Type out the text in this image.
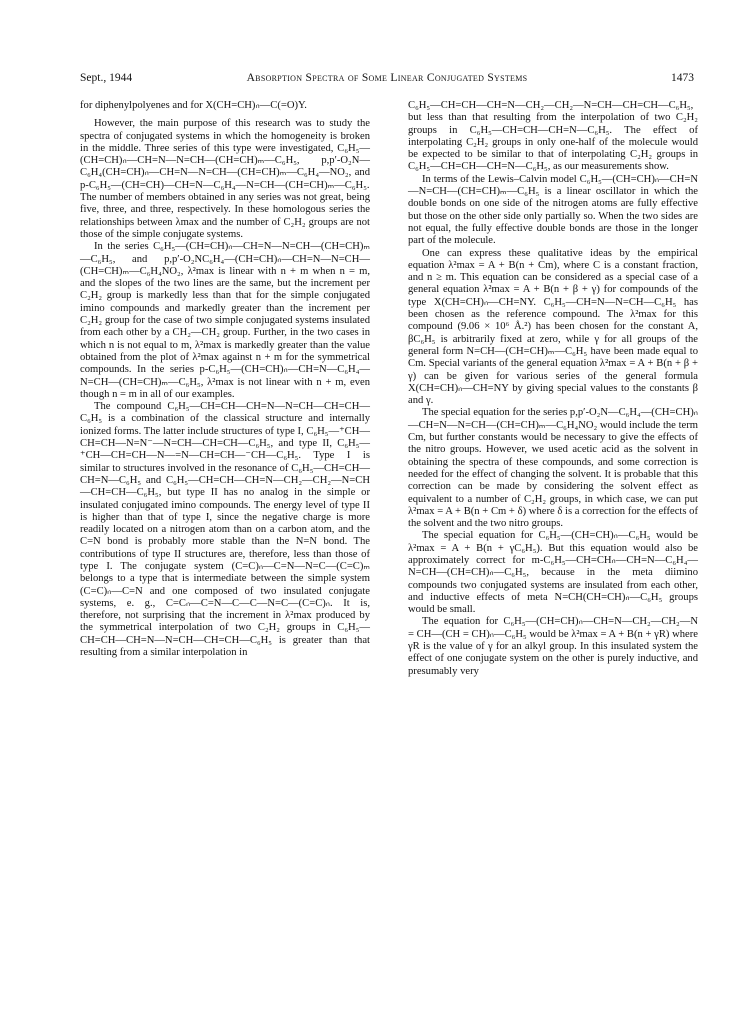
Sept., 1944	Absorption Spectra of Some Linear Conjugated Systems	1473

for diphenylpolyenes and for X(CH=CH)ₙ—C(=O)Y.

However, the main purpose of this research was to study the spectra of conjugated systems in which the homogeneity is broken in the middle. Three series of this type were investigated, C₆H₅—(CH=CH)ₙ—CH=N—N=CH—(CH=CH)ₘ—C₆H₅, p,p′-O₂N—C₆H₄(CH=CH)ₙ—CH=N—N=CH—(CH=CH)ₘ—C₆H₄—NO₂, and p-C₆H₅—(CH=CH)—CH=N—C₆H₄—N=CH—(CH=CH)ₘ—C₆H₅. The number of members obtained in any series was not great, being five, three, and three, respectively. In these homologous series the relationships between λmax and the number of C₂H₂ groups are not those of the simple conjugate systems.

In the series C₆H₅—(CH=CH)ₙ—CH=N—N=CH—(CH=CH)ₘ—C₆H₅, and p,p′-O₂NC₆H₄—(CH=CH)ₙ—CH=N—N=CH—(CH=CH)ₘ—C₆H₄NO₂, λ²max is linear with n + m when n = m, and the slopes of the two lines are the same, but the increment per C₂H₂ group is markedly less than that for the simple conjugated imino compounds and markedly greater than the increment per C₂H₂ group for the case of two simple conjugated systems insulated from each other by a CH₂—CH₂ group. Further, in the two cases in which n is not equal to m, λ²max is markedly greater than the value obtained from the plot of λ²max against n + m for the symmetrical compounds. In the series p-C₆H₅—(CH=CH)ₙ—CH=N—C₆H₄—N=CH—(CH=CH)ₘ—C₆H₅, λ²max is not linear with n + m, even though n = m in all of our examples.

The compound C₆H₅—CH=CH—CH=N—N=CH—CH=CH—C₆H₅ is a combination of the classical structure and internally ionized forms. The latter include structures of type I, C₆H₅—⁺CH—CH=CH—N=N⁻—N=CH—CH=CH—C₆H₅, and type II, C₆H₅—⁺CH—CH=CH—N—=N—CH=CH—⁻CH—C₆H₅. Type I is similar to structures involved in the resonance of C₆H₅—CH=CH—CH=N—C₆H₅ and C₆H₅—CH=CH—CH=N—CH₂—CH₂—N=CH—CH=CH—C₆H₅, but type II has no analog in the simple or insulated conjugated imino compounds. The energy level of type II is higher than that of type I, since the negative charge is more readily located on a nitrogen atom than on a carbon atom, and the C=N bond is probably more stable than the N=N bond. The contributions of type II structures are, therefore, less than those of type I. The conjugate system (C=C)ₙ—C=N—N=C—(C=C)ₘ belongs to a type that is intermediate between the simple system (C=C)ₙ—C=N and one composed of two insulated conjugate systems, e. g., C=Cₙ—C=N—C—C—N=C—(C=C)ₙ. It is, therefore, not surprising that the increment in λ²max produced by the symmetrical interpolation of two C₂H₂ groups in C₆H₅—CH=CH—CH=N—N=CH—CH=CH—C₆H₅ is greater than that resulting from a similar interpolation in

C₆H₅—CH=CH—CH=N—CH₂—CH₂—N=CH—CH=CH—C₆H₅, but less than that resulting from the interpolation of two C₂H₂ groups in C₆H₅—CH=CH—CH=N—C₆H₅. The effect of interpolating C₂H₂ groups in only one-half of the molecule would be expected to be similar to that of interpolating C₂H₂ groups in C₆H₅—CH=CH—CH=N—C₆H₅, as our measurements show.

In terms of the Lewis–Calvin model C₆H₅—(CH=CH)ₙ—CH=N—N=CH—(CH=CH)ₘ—C₆H₅ is a linear oscillator in which the double bonds on one side of the nitrogen atoms are fully effective but those on the other side only partially so. When the two sides are not equal, the fully effective double bonds are those in the longer part of the molecule.

One can express these qualitative ideas by the empirical equation λ²max = A + B(n + Cm), where C is a constant fraction, and n ≥ m. This equation can be considered as a special case of a general equation λ²max = A + B(n + β + γ) for compounds of the type X(CH=CH)ₙ—CH=NY. C₆H₅—CH=N—N=CH—C₆H₅ has been chosen as the reference compound. The λ²max for this compound (9.06 × 10⁶ Å.²) has been chosen for the constant A, βC₆H₅ is arbitrarily fixed at zero, while γ for all groups of the general form N=CH—(CH=CH)ₘ—C₆H₅ have been made equal to Cm. Special variants of the general equation λ²max = A + B(n + β + γ) can be given for various series of the general formula X(CH=CH)ₙ—CH=NY by giving special values to the constants β and γ.

The special equation for the series p,p′-O₂N—C₆H₄—(CH=CH)ₙ—CH=N—N=CH—(CH=CH)ₘ—C₆H₄NO₂ would include the term Cm, but further constants would be necessary to give the effects of the nitro groups. However, we used acetic acid as the solvent in obtaining the spectra of these compounds, and some correction is needed for the effect of changing the solvent. It is probable that this correction can be made by considering the solvent effect as equivalent to a number of C₂H₂ groups, in which case, we can put λ²max = A + B(n + Cm + δ) where δ is a correction for the effects of the solvent and the two nitro groups.

The special equation for C₆H₅—(CH=CH)ₙ—C₆H₅ would be λ²max = A + B(n + γC₆H₅). But this equation would also be approximately correct for m-C₆H₅—CH=CHₙ—CH=N—C₆H₄—N=CH—(CH=CH)ₙ—C₆H₅, because in the meta diimino compounds two conjugated systems are insulated from each other, and inductive effects of meta N=CH(CH=CH)ₙ—C₆H₅ groups would be small.

The equation for C₆H₅—(CH=CH)ₙ—CH=N—CH₂—CH₂—N = CH—(CH = CH)ₙ—C₆H₅ would be λ²max = A + B(n + γR) where γR is the value of γ for an alkyl group. In this insulated system the effect of one conjugate system on the other is purely inductive, and presumably very
